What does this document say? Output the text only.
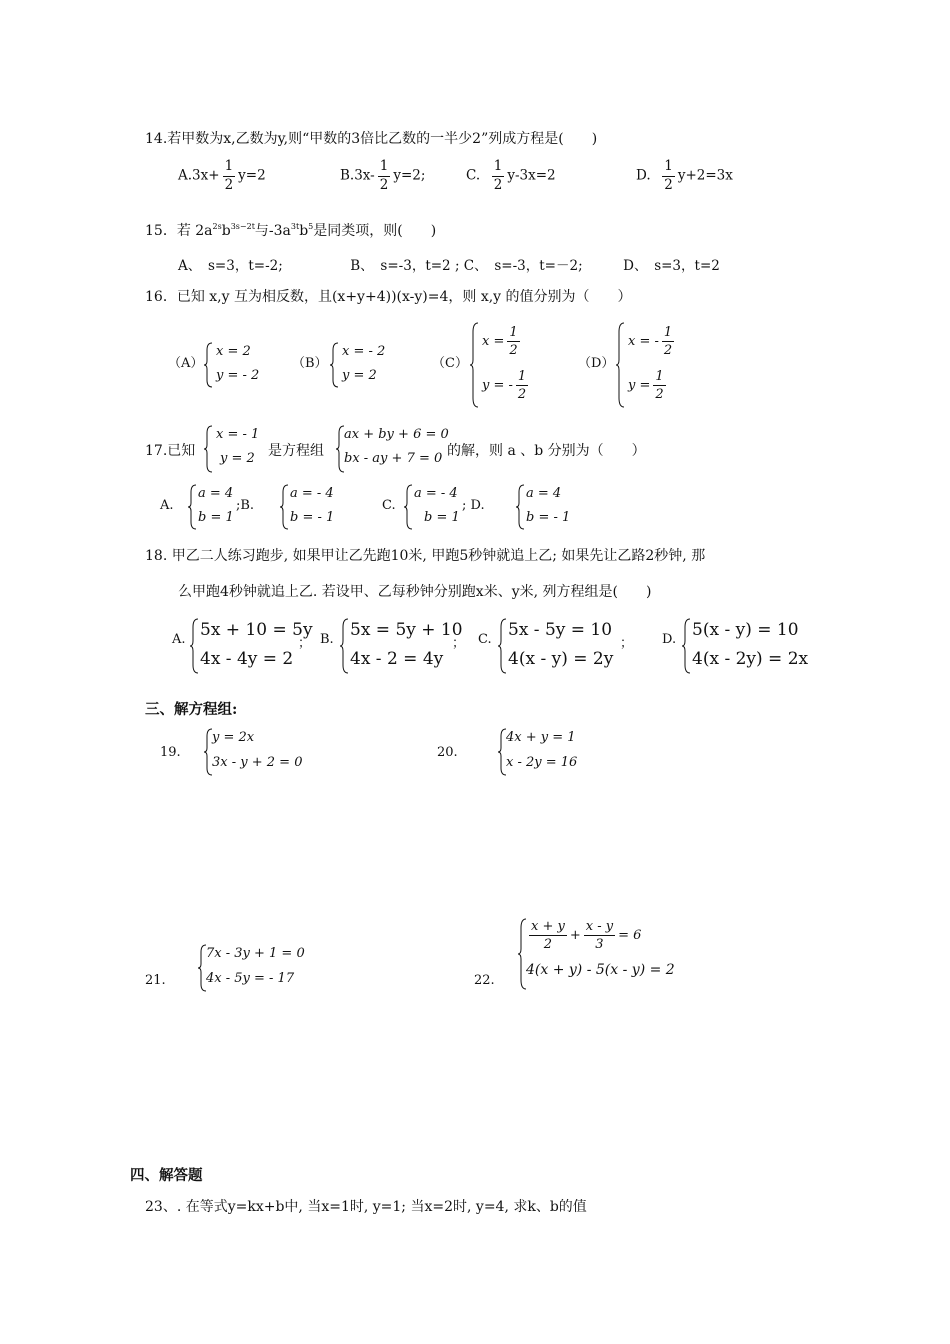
14.若甲数为x,乙数为y,则“甲数的3倍比乙数的一半少2”列成方程是(　　)
$A.3x+ \frac{1}{2} y=2$	$B.3x- \frac{1}{2} y=2$;	C. $\frac{1}{2} y-3x=2$	D. $\frac{1}{2} y+2=3x$
15．若 $2a^{2s}b^{3s-2t}$与$-3a^{3t}b^5$是同类项，则(　　)
A、　s=3，t=-2;　　　　　B、　s=-3，t=2 ; C、　s=-3，t=－2;　　　D、　s=3，t=2
16．已知 x,y 互为相反数，且(x+y+4))(x-y)=4，则 x,y 的值分别为（　　）
（A）
x = 2
y = - 2
（B）
x = - 2
y = 2
（C）
$x = \frac{1}{2}$
y = - $\frac{1}{2}$
（D）
x = - $\frac{1}{2}$
$y = \frac{1}{2}$
17.已知
x = - 1
y = 2 是方程组
ax + by + 6 = 0
bx - ay + 7 = 0 的解，则 a 、b 分别为（　　）
A.
a = 4
b = 1
;B.
a = - 4
b = - 1
C.
a = - 4
b = 1
; D.
a = 4
b = - 1
18. 甲乙二人练习跑步, 如果甲让乙先跑10米, 甲跑5秒钟就追上乙; 如果先让乙路2秒钟, 那
么甲跑4秒钟就追上乙. 若设甲、乙每秒钟分别跑x米、y米, 列方程组是(　　)
A. 5x + 10 = 5y
4x - 4y = 2
； B. 5x = 5y + 10
4x - 2 = 4y
； C. 5x - 5y = 10
4(x - y) = 2y
； D. 5(x - y) = 10
4(x - 2y) = 2x
三、解方程组:
19.
y = 2x
3x - y + 2 = 0
20.
4x + y = 1
x - 2y = 16
21.
7x - 3y + 1 = 0
4x - 5y = - 17	22.
$\frac{x + y}{2} + \frac{x - y}{3} = 6$
4(x + y) - 5(x - y) = 2
四、解答题
23、. 在等式y=kx+b中, 当x=1时, y=1; 当x=2时, y=4, 求k、b的值
